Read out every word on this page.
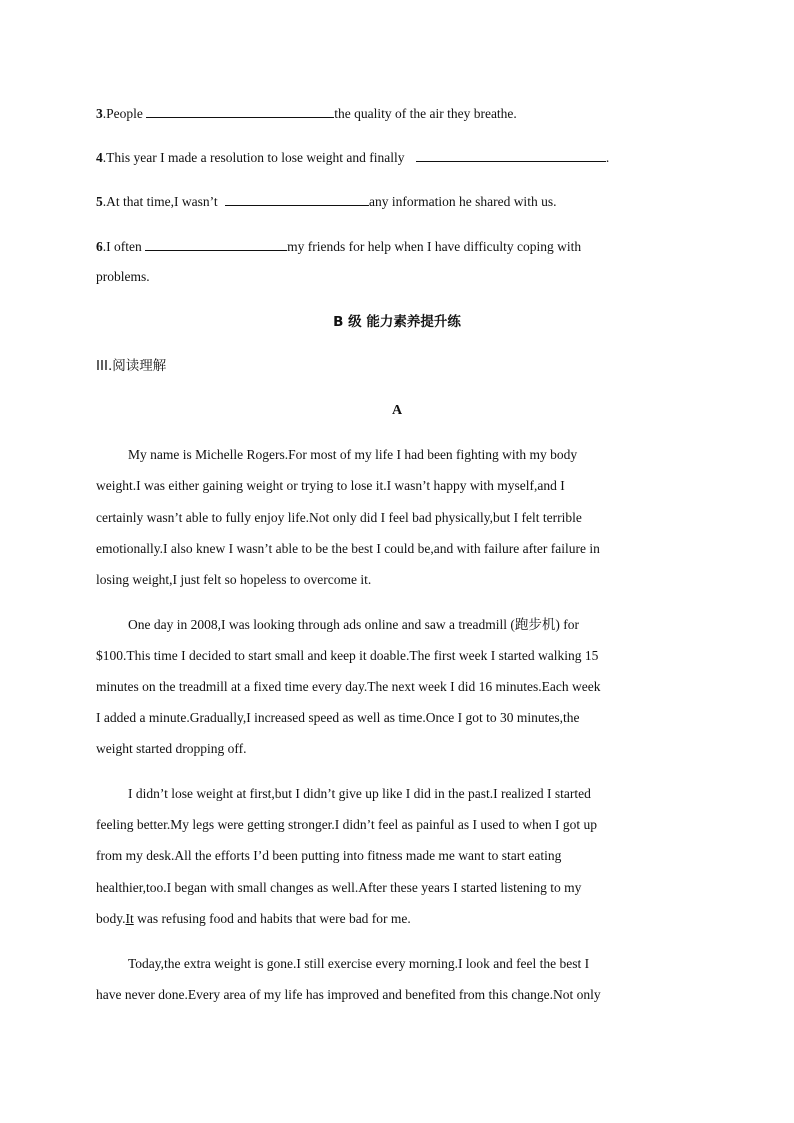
3.People	the quality of the air they breathe.
4.This year I made a resolution to lose weight and finally	.
5.At that time,I wasn’t	any information he shared with us.
6.I often	my friends for help when I have difficulty coping with
problems.
B 级 能力素养提升练
III.阅读理解
A
My name is Michelle Rogers.For most of my life I had been fighting with my body
weight.I was either gaining weight or trying to lose it.I wasn’t happy with myself,and I
certainly wasn’t able to fully enjoy life.Not only did I feel bad physically,but I felt terrible
emotionally.I also knew I wasn’t able to be the best I could be,and with failure after failure in
losing weight,I just felt so hopeless to overcome it.
One day in 2008,I was looking through ads online and saw a treadmill (跑步机) for
$100.This time I decided to start small and keep it doable.The first week I started walking 15
minutes on the treadmill at a fixed time every day.The next week I did 16 minutes.Each week
I added a minute.Gradually,I increased speed as well as time.Once I got to 30 minutes,the
weight started dropping off.
I didn’t lose weight at first,but I didn’t give up like I did in the past.I realized I started
feeling better.My legs were getting stronger.I didn’t feel as painful as I used to when I got up
from my desk.All the efforts I’d been putting into fitness made me want to start eating
healthier,too.I began with small changes as well.After these years I started listening to my
body.It was refusing food and habits that were bad for me.
Today,the extra weight is gone.I still exercise every morning.I look and feel the best I
have never done.Every area of my life has improved and benefited from this change.Not only
